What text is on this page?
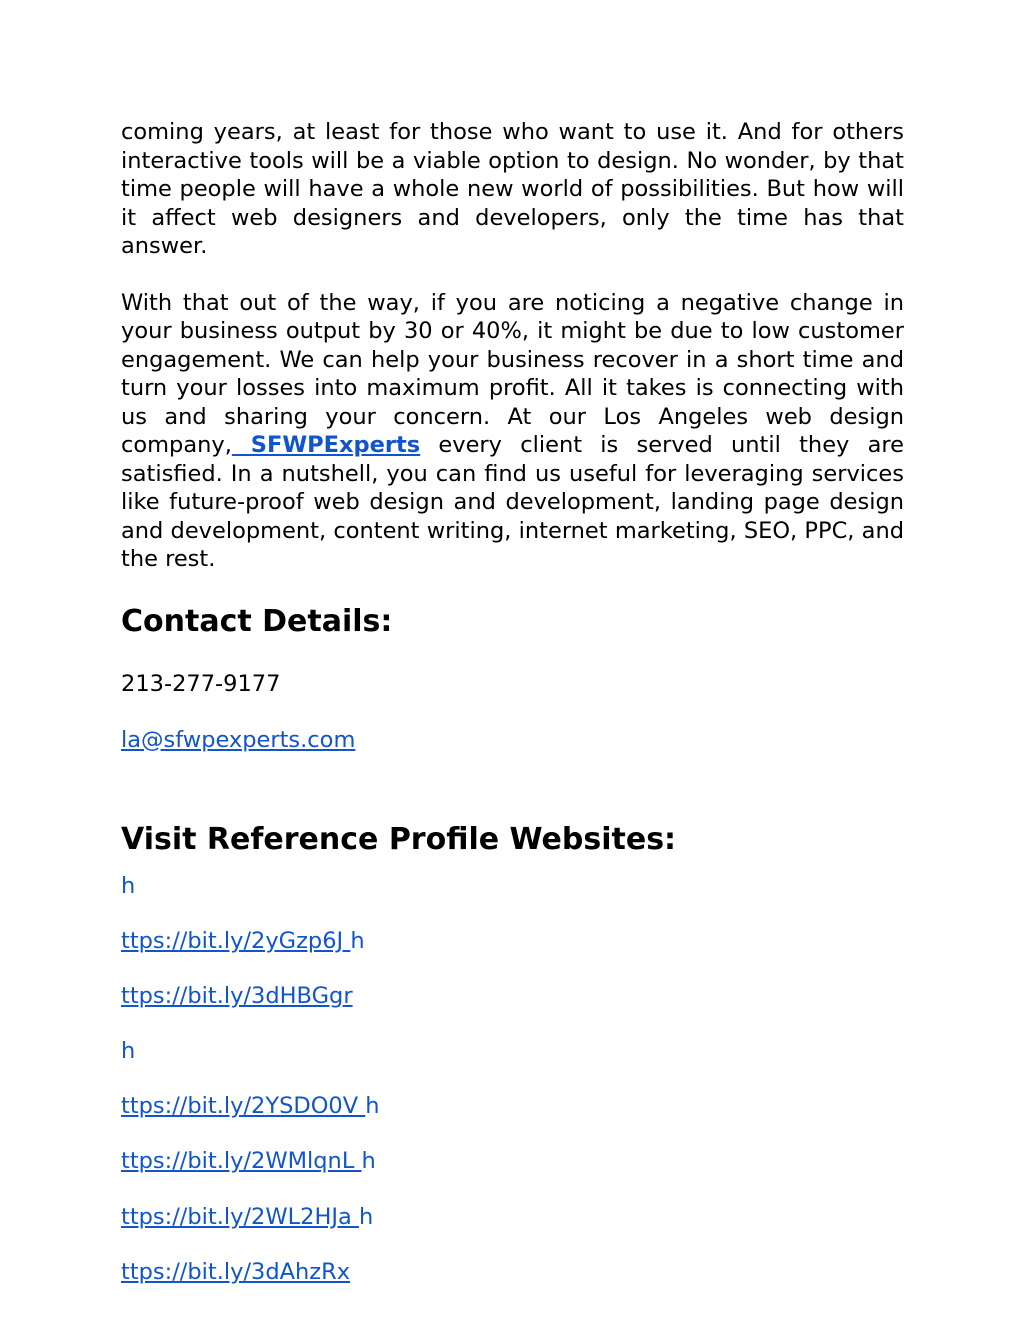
coming years, at least for those who want to use it. And for others interactive tools will be a viable option to design. No wonder, by that time people will have a whole new world of possibilities. But how will it affect web designers and developers, only the time has that answer.

With that out of the way, if you are noticing a negative change in your business output by 30 or 40%, it might be due to low customer engagement. We can help your business recover in a short time and turn your losses into maximum profit. All it takes is connecting with us and sharing your concern. At our Los Angeles web design company, SFWPExperts every client is served until they are satisfied. In a nutshell, you can find us useful for leveraging services like future-proof web design and development, landing page design and development, content writing, internet marketing, SEO, PPC, and the rest.

Contact Details:
213-277-9177
la@sfwpexperts.com
Visit Reference Profile Websites:
h
ttps://bit.ly/2yGzp6J h
ttps://bit.ly/3dHBGgr
h
ttps://bit.ly/2YSDO0V h
ttps://bit.ly/2WMlqnL h
ttps://bit.ly/2WL2HJa h
ttps://bit.ly/3dAhzRx
